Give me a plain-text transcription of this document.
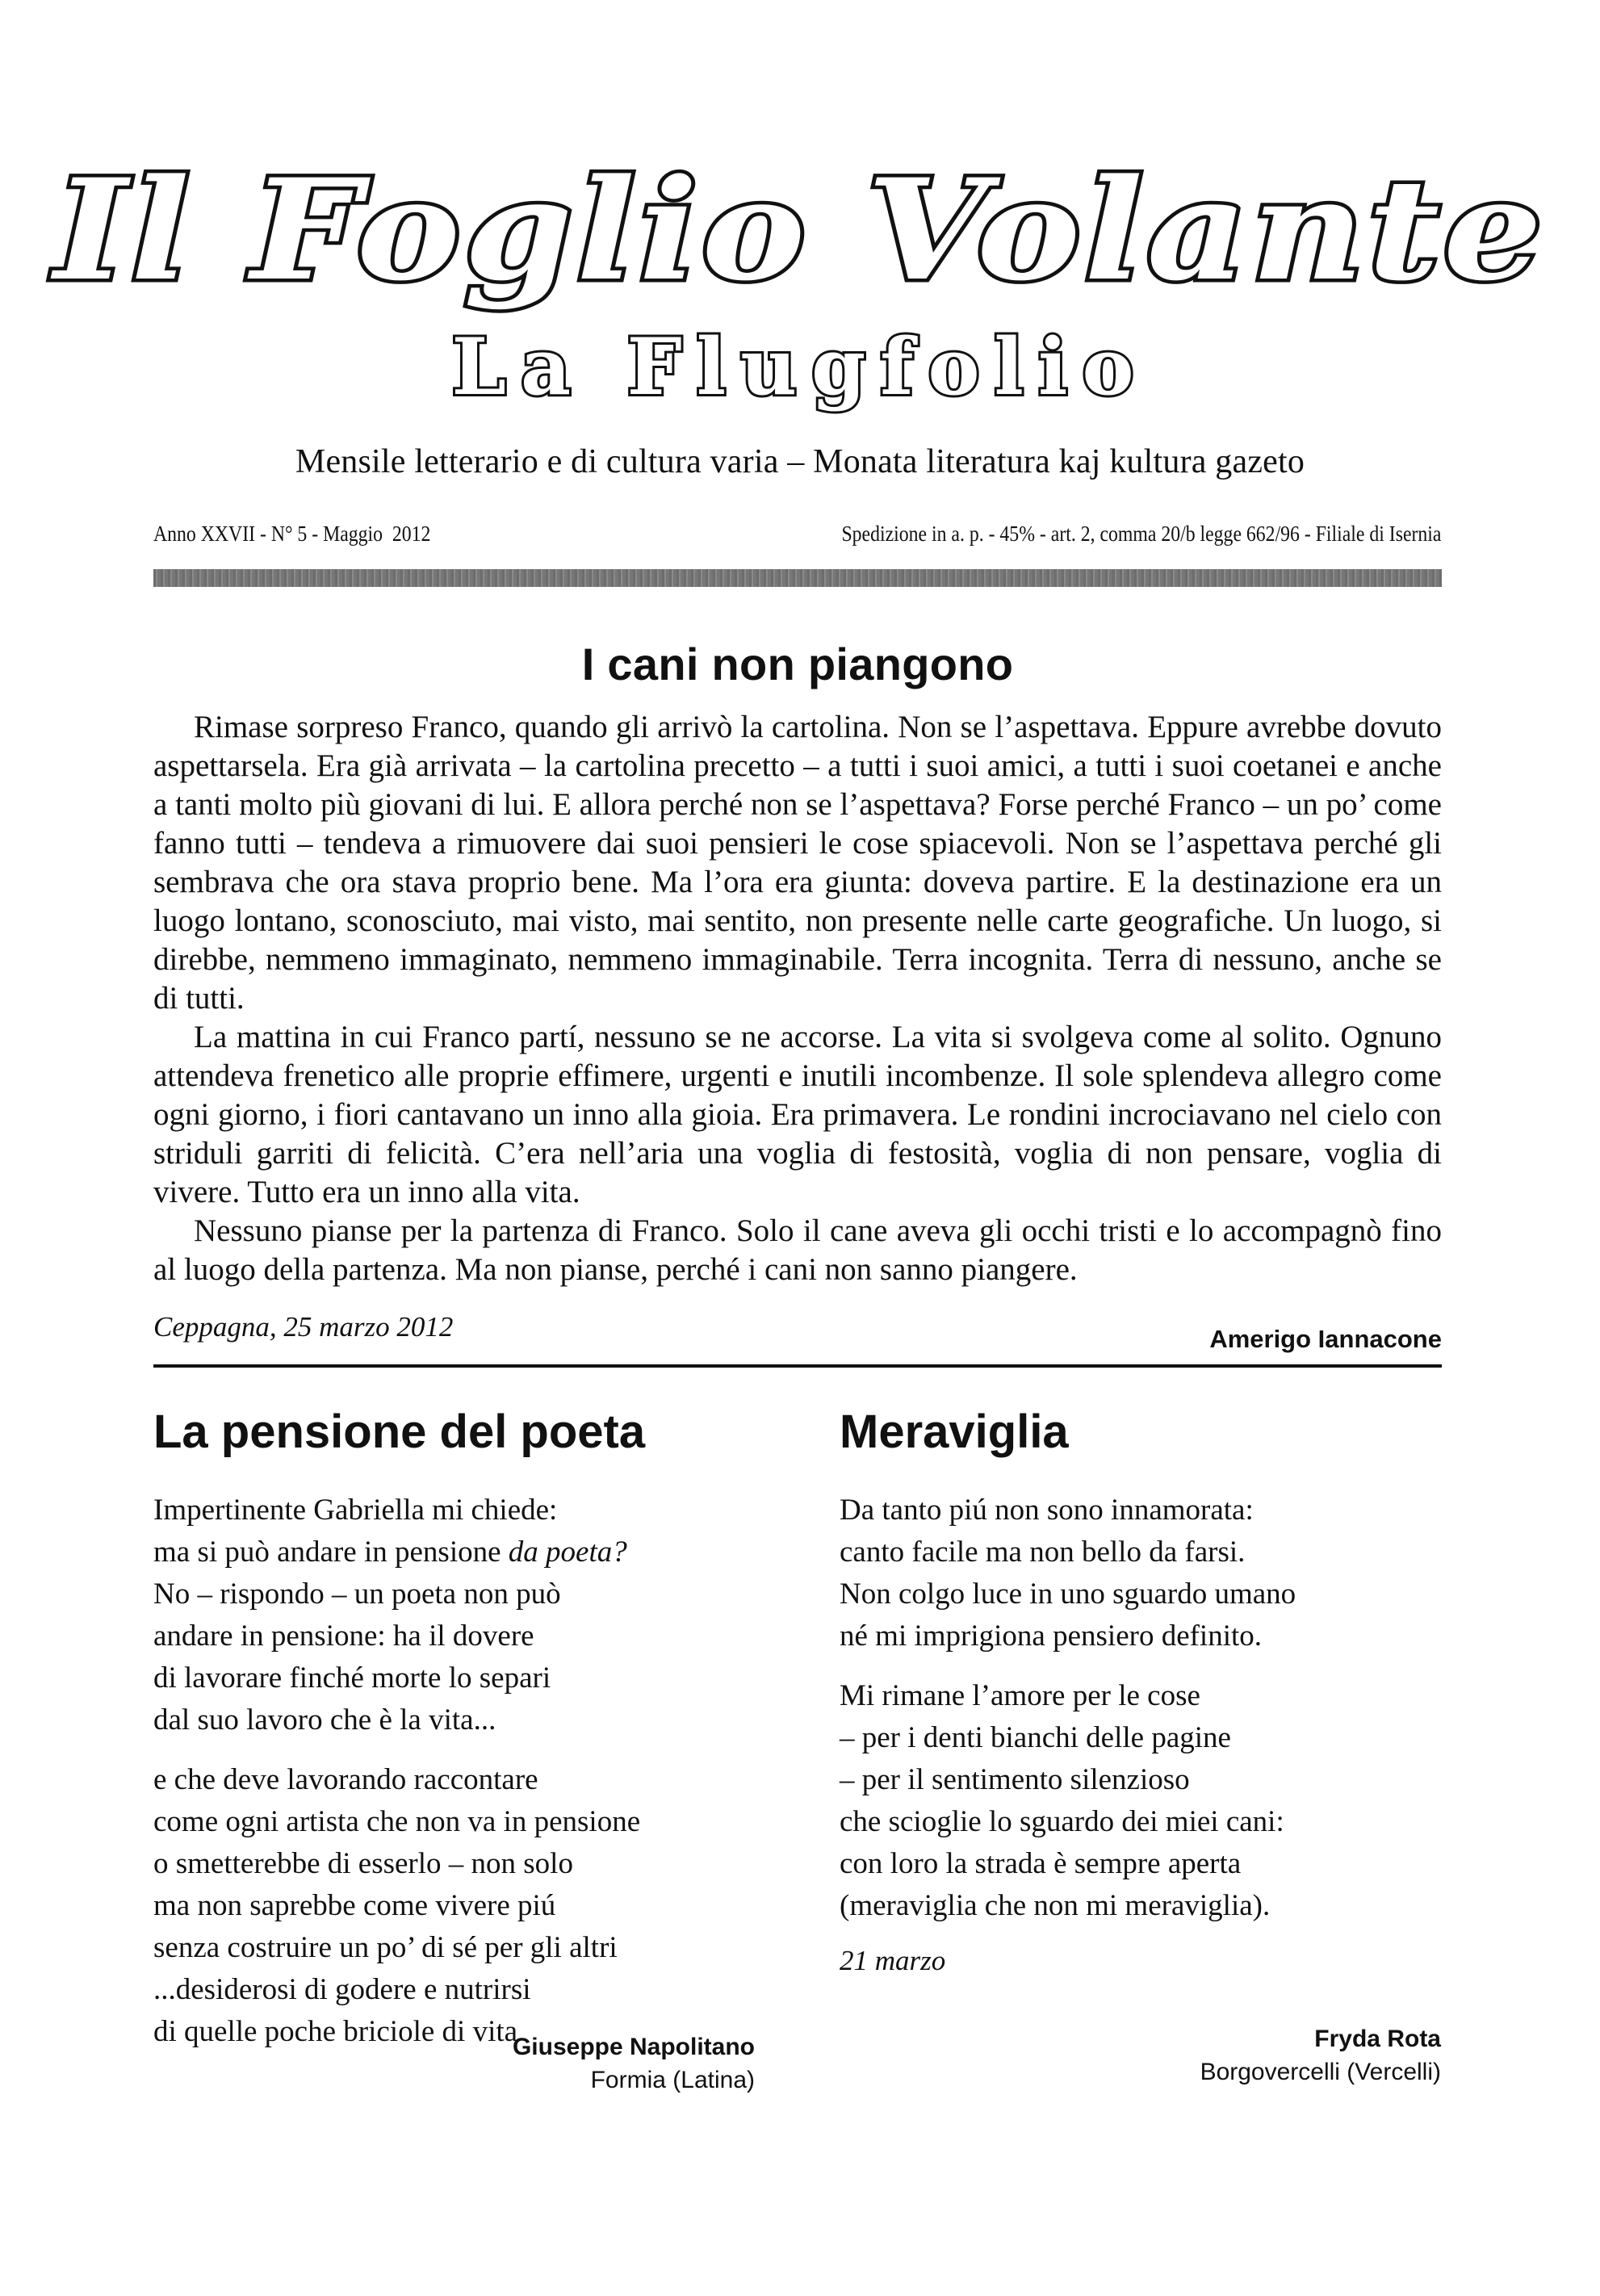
Il Foglio Volante
La Flugfolio
Mensile letterario e di cultura varia – Monata literatura kaj kultura gazeto
Anno XXVII - N° 5 - Maggio  2012	Spedizione in a. p. - 45% - art. 2, comma 20/b legge 662/96 - Filiale di Isernia
I cani non piangono

Rimase sorpreso Franco, quando gli arrivò la cartolina. Non se l’aspettava. Eppure avrebbe dovuto aspettarsela. Era già arrivata – la cartolina precetto – a tutti i suoi amici, a tutti i suoi coetanei e anche a tanti molto più giovani di lui. E allora perché non se l’aspettava? Forse perché Franco – un po’ come fanno tutti – tendeva a rimuovere dai suoi pensieri le cose spiacevoli. Non se l’aspettava perché gli sembrava che ora stava proprio bene. Ma l’ora era giunta: doveva partire. E la destinazione era un luogo lontano, sconosciuto, mai visto, mai sentito, non presente nelle carte geografiche. Un luogo, si direbbe, nemmeno immaginato, nemmeno immaginabile. Terra incognita. Terra di nessuno, anche se di tutti.

La mattina in cui Franco partí, nessuno se ne accorse. La vita si svolgeva come al solito. Ognuno attendeva frenetico alle proprie effimere, urgenti e inutili incombenze. Il sole splendeva allegro come ogni giorno, i fiori cantavano un inno alla gioia. Era primavera. Le rondini incrociavano nel cielo con striduli garriti di felicità. C’era nell’aria una voglia di festosità, voglia di non pensare, voglia di vivere. Tutto era un inno alla vita.

Nessuno pianse per la partenza di Franco. Solo il cane aveva gli occhi tristi e lo accompagnò fino al luogo della partenza. Ma non pianse, perché i cani non sanno piangere.

Ceppagna, 25 marzo 2012	Amerigo Iannacone
La pensione del poeta
Impertinente Gabriella mi chiede:
ma si può andare in pensione da poeta?
No – rispondo – un poeta non può
andare in pensione: ha il dovere
di lavorare finché morte lo separi
dal suo lavoro che è la vita...
e che deve lavorando raccontare
come ogni artista che non va in pensione
o smetterebbe di esserlo – non solo
ma non saprebbe come vivere piú
senza costruire un po’ di sé per gli altri
...desiderosi di godere e nutrirsi
di quelle poche briciole di vita
Giuseppe Napolitano
Formia (Latina)
Meraviglia
Da tanto piú non sono innamorata:
canto facile ma non bello da farsi.
Non colgo luce in uno sguardo umano
né mi imprigiona pensiero definito.
Mi rimane l’amore per le cose
– per i denti bianchi delle pagine
– per il sentimento silenzioso
che scioglie lo sguardo dei miei cani:
con loro la strada è sempre aperta
(meraviglia che non mi meraviglia).
21 marzo
Fryda Rota
Borgovercelli (Vercelli)
